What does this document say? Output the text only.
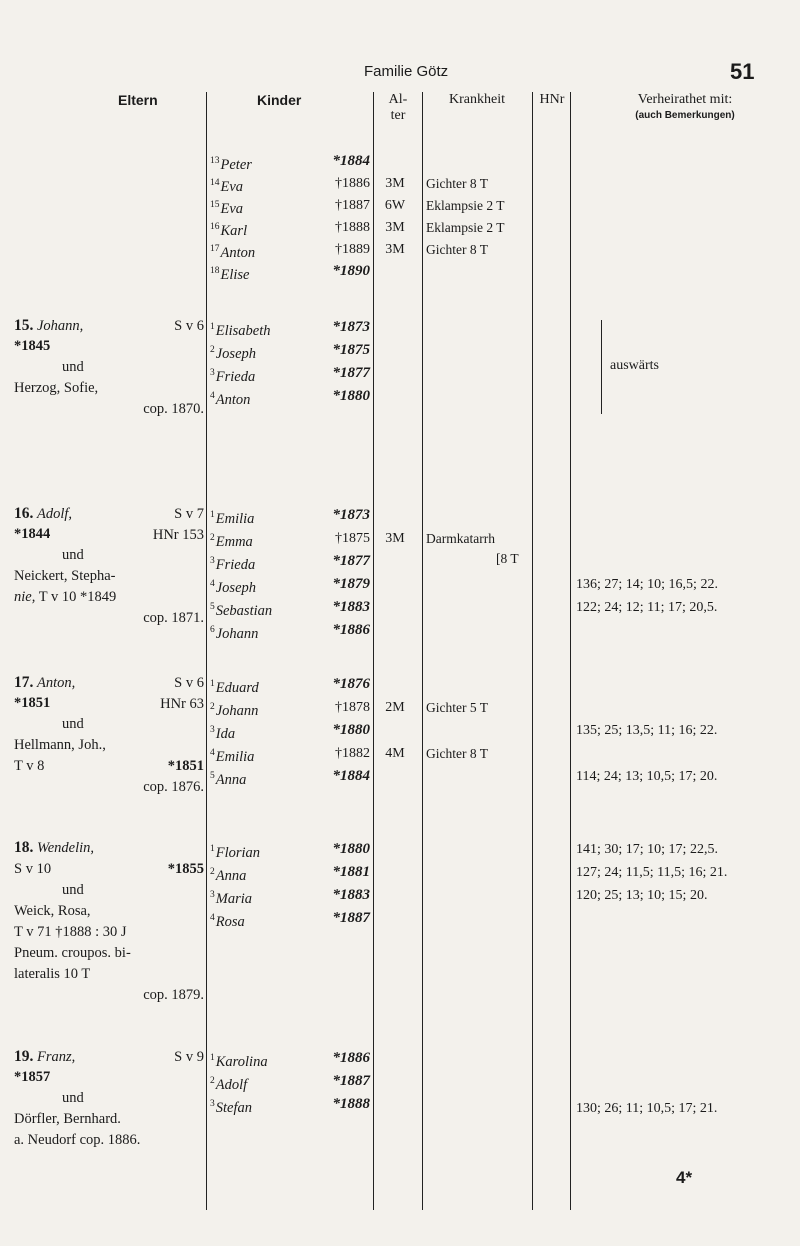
Familie Götz	51
Eltern	Kinder	Al-
ter
Krankheit	HNr	Verheirathet mit:
(auch Bemerkungen)
$^{13}$Peter	*1884
$^{14}$Eva	†1886	3M	Gichter 8 T
$^{15}$Eva	†1887	6W	Eklampsie 2 T
$^{16}$Karl	†1888	3M	Eklampsie 2 T
$^{17}$Anton	†1889	3M	Gichter 8 T
$^{18}$Elise	*1890
15. Johann,	S v 6
*1845
und
Herzog, Sofie,
cop. 1870.
$^1$Elisabeth	*1873
$^2$Joseph	*1875
$^3$Frieda	*1877
$^4$Anton	*1880
auswärts
16. Adolf,	S v 7
*1844	HNr 153
und
Neickert, Stepha-
nie, T v 10 *1849
cop. 1871.
$^1$Emilia	*1873
$^2$Emma	†1875	3M	Darmkatarrh
$^3$Frieda	*1877	[8 T
$^4$Joseph	*1879	136; 27; 14; 10; 16,5; 22.
$^5$Sebastian	*1883	122; 24; 12; 11; 17; 20,5.
$^6$Johann	*1886
17. Anton,	S v 6
*1851	HNr 63
und
Hellmann, Joh.,
T v 8	*1851
cop. 1876.
$^1$Eduard	*1876
$^2$Johann	†1878	2M	Gichter 5 T
$^3$Ida	*1880	135; 25; 13,5; 11; 16; 22.
$^4$Emilia	†1882	4M	Gichter 8 T
$^5$Anna	*1884	114; 24; 13; 10,5; 17; 20.
18. Wendelin,
S v 10	*1855
und
Weick, Rosa,
T v 71 †1888 : 30 J
Pneum. croupos. bi-
lateralis 10 T
cop. 1879.
$^1$Florian	*1880	141; 30; 17; 10; 17; 22,5.
$^2$Anna	*1881	127; 24; 11,5; 11,5; 16; 21.
$^3$Maria	*1883	120; 25; 13; 10; 15; 20.
$^4$Rosa	*1887
19. Franz,	S v 9
*1857
und
Dörfler, Bernhard.
a. Neudorf cop. 1886.
$^1$Karolina	*1886
$^2$Adolf	*1887
$^3$Stefan	*1888	130; 26; 11; 10,5; 17; 21.
4*
